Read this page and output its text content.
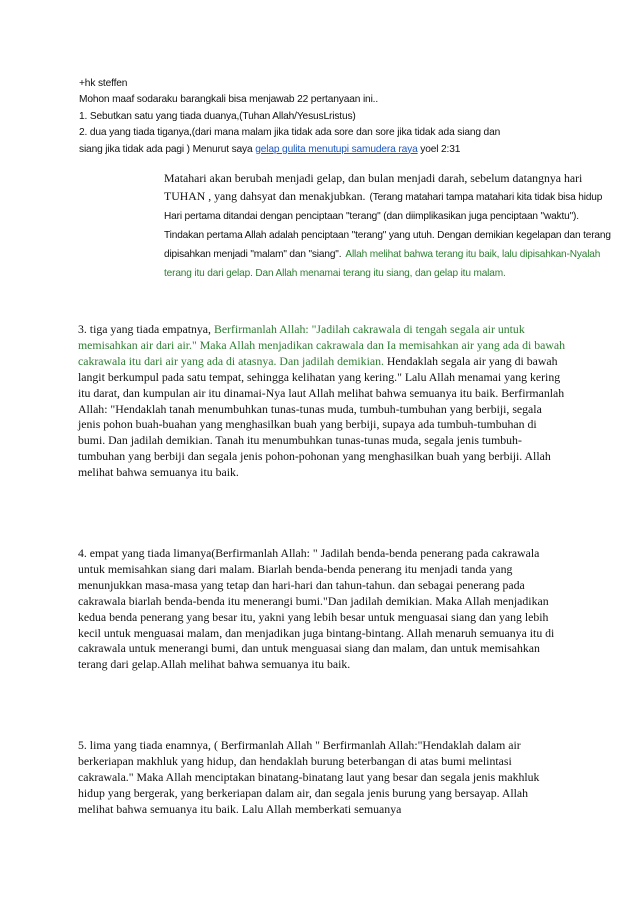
+hk steffen

Mohon maaf sodaraku barangkali bisa menjawab 22 pertanyaan ini..

1. Sebutkan satu yang tiada duanya,(Tuhan Allah/YesusLristus)

2. dua yang tiada tiganya,(dari mana malam jika tidak ada sore dan sore jika tidak ada siang dan

siang jika tidak ada pagi ) Menurut saya gelap gulita menutupi samudera raya yoel 2:31

Matahari akan berubah menjadi gelap, dan bulan menjadi darah, sebelum datangnya hari TUHAN , yang dahsyat dan menakjubkan. (Terang matahari tampa matahari kita tidak bisa hidup Hari pertama ditandai dengan penciptaan "terang" (dan diimplikasikan juga penciptaan "waktu"). Tindakan pertama Allah adalah penciptaan "terang" yang utuh. Dengan demikian kegelapan dan terang dipisahkan menjadi "malam" dan "siang". Allah melihat bahwa terang itu baik, lalu dipisahkan-Nyalah terang itu dari gelap. Dan Allah menamai terang itu siang, dan gelap itu malam.

3. tiga yang tiada empatnya, Berfirmanlah Allah: "Jadilah cakrawala di tengah segala air untuk memisahkan air dari air." Maka Allah menjadikan cakrawala dan Ia memisahkan air yang ada di bawah cakrawala itu dari air yang ada di atasnya. Dan jadilah demikian. Hendaklah segala air yang di bawah langit berkumpul pada satu tempat, sehingga kelihatan yang kering." Lalu Allah menamai yang kering itu darat, dan kumpulan air itu dinamai-Nya laut Allah melihat bahwa semuanya itu baik. Berfirmanlah Allah: "Hendaklah tanah menumbuhkan tunas-tunas muda, tumbuh-tumbuhan yang berbiji, segala jenis pohon buah-buahan yang menghasilkan buah yang berbiji, supaya ada tumbuh-tumbuhan di bumi. Dan jadilah demikian. Tanah itu menumbuhkan tunas-tunas muda, segala jenis tumbuh-tumbuhan yang berbiji dan segala jenis pohon-pohonan yang menghasilkan buah yang berbiji. Allah melihat bahwa semuanya itu baik.

4. empat yang tiada limanya(Berfirmanlah Allah: " Jadilah benda-benda penerang pada cakrawala untuk memisahkan siang dari malam. Biarlah benda-benda penerang itu menjadi tanda yang menunjukkan masa-masa yang tetap dan hari-hari dan tahun-tahun. dan sebagai penerang pada cakrawala biarlah benda-benda itu menerangi bumi."Dan jadilah demikian. Maka Allah menjadikan kedua benda penerang yang besar itu, yakni yang lebih besar untuk menguasai siang dan yang lebih kecil untuk menguasai malam, dan menjadikan juga bintang-bintang. Allah menaruh semuanya itu di cakrawala untuk menerangi bumi, dan untuk menguasai siang dan malam, dan untuk memisahkan terang dari gelap.Allah melihat bahwa semuanya itu baik.

5. lima yang tiada enamnya, ( Berfirmanlah Allah " Berfirmanlah Allah:"Hendaklah dalam air berkeriapan makhluk yang hidup, dan hendaklah burung beterbangan di atas bumi melintasi cakrawala." Maka Allah menciptakan binatang-binatang laut yang besar dan segala jenis makhluk hidup yang bergerak, yang berkeriapan dalam air, dan segala jenis burung yang bersayap. Allah melihat bahwa semuanya itu baik. Lalu Allah memberkati semuanya
